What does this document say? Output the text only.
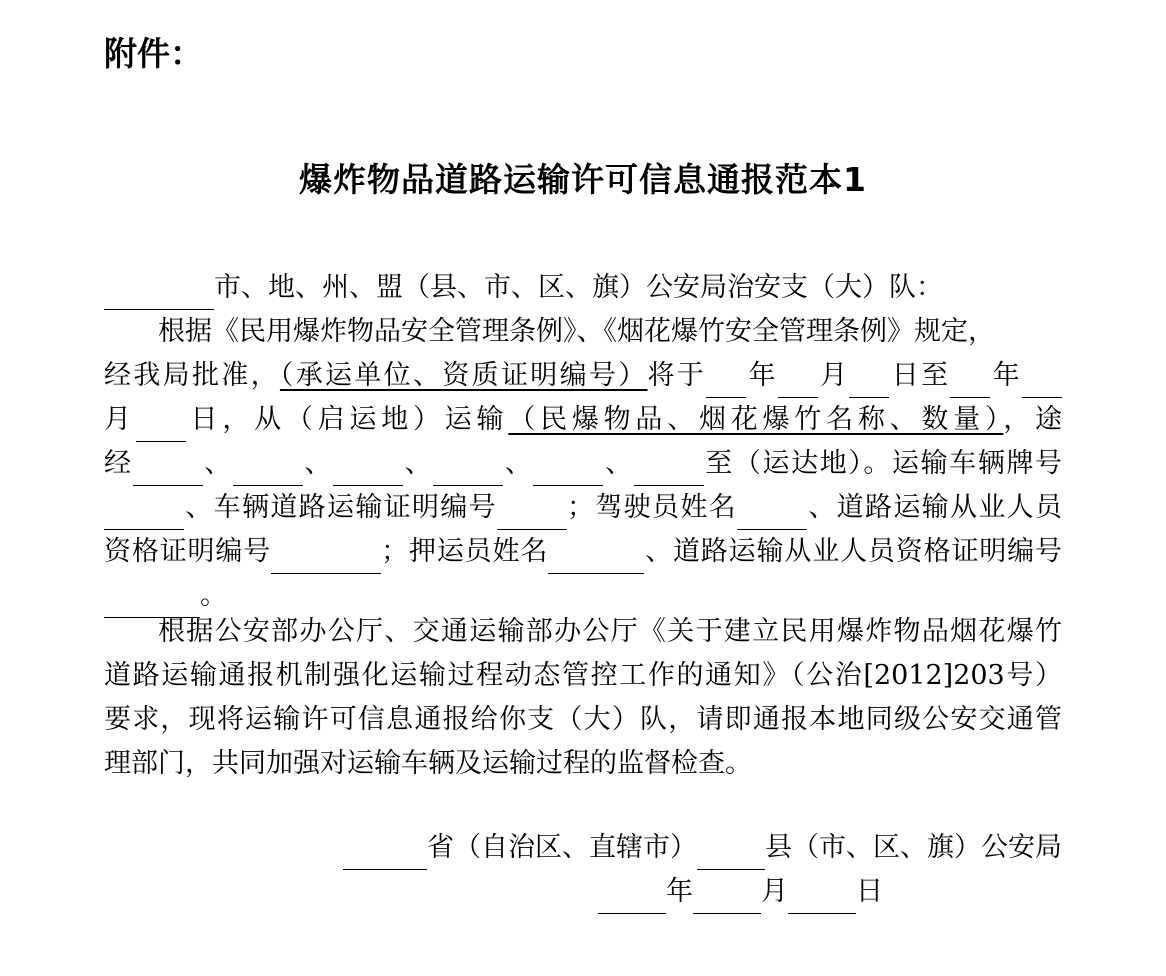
附件：
爆炸物品道路运输许可信息通报范本1
市、地、州、盟（县、市、区、旗）公安局治安支（大）队：
根据《民用爆炸物品安全管理条例》、《烟花爆竹安全管理条例》规定，
经我局批准，（承运单位、资质证明编号）将于 年 月 日至 年
月 日，从（启运地）运输（民爆物品、烟花爆竹名称、数量），途
经	、	、	、	、	、	至（运达地）。运输车辆牌号
、车辆道路运输证明编号	；驾驶员姓名	、道路运输从业人员
资格证明编号	；押运员姓名	、道路运输从业人员资格证明编号
。
根据公安部办公厅、交通运输部办公厅《关于建立民用爆炸物品烟花爆竹
道路运输通报机制强化运输过程动态管控工作的通知》（公治[2012]203号）
要求，现将运输许可信息通报给你支（大）队，请即通报本地同级公安交通管
理部门，共同加强对运输车辆及运输过程的监督检查。
省（自治区、直辖市）	县（市、区、旗）公安局
年	月	日
